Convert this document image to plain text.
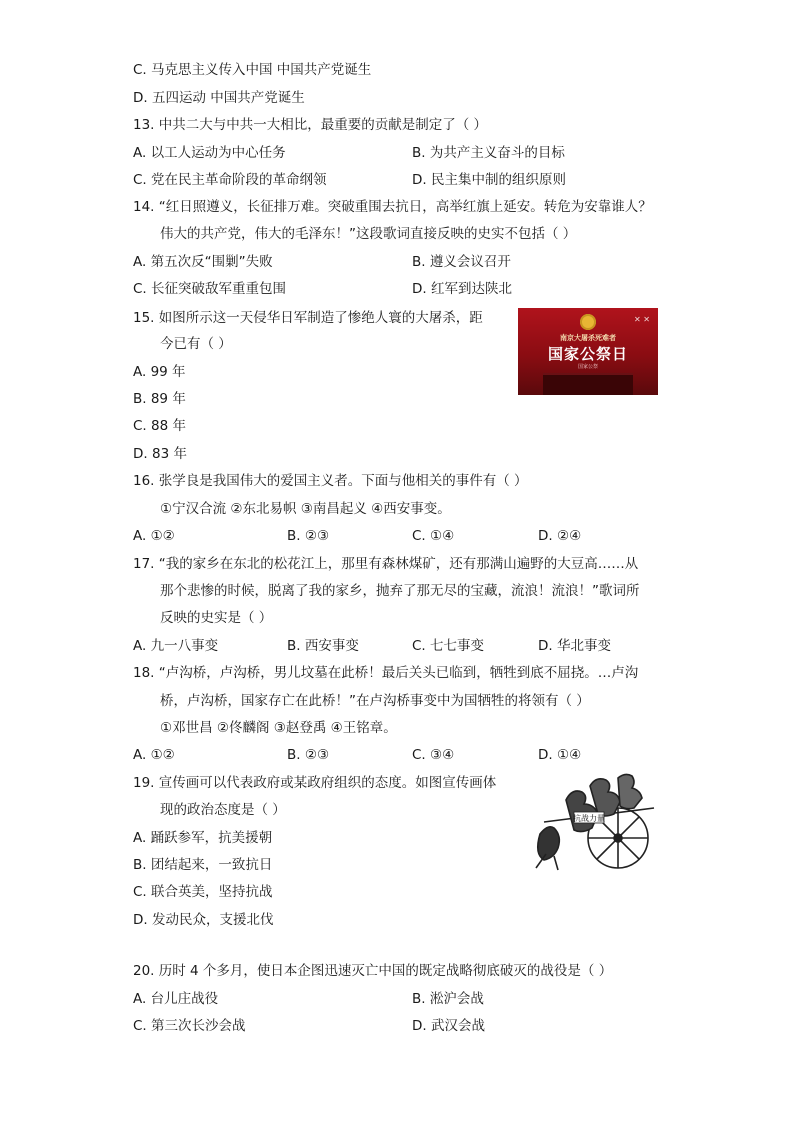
C. 马克思主义传入中国 中国共产党诞生
D. 五四运动 中国共产党诞生
13. 中共二大与中共一大相比，最重要的贡献是制定了（ ）
A. 以工人运动为中心任务	B. 为共产主义奋斗的目标
C. 党在民主革命阶段的革命纲领	D. 民主集中制的组织原则
14. “红日照遵义，长征排万难。突破重围去抗日，高举红旗上延安。转危为安靠谁人？
伟大的共产党，伟大的毛泽东！”这段歌词直接反映的史实不包括（ ）
A. 第五次反“围剿”失败	B. 遵义会议召开
C. 长征突破敌军重重包围	D. 红军到达陕北
15. 如图所示这一天侵华日军制造了惨绝人寰的大屠杀，距
今已有（ ）
A. 99 年
B. 89 年
C. 88 年
D. 83 年
✕ ✕
南京大屠杀死难者
国家公祭日
国家公祭
16. 张学良是我国伟大的爱国主义者。下面与他相关的事件有（ ）
①宁汉合流 ②东北易帜 ③南昌起义 ④西安事变。
A. ①②	B. ②③	C. ①④	D. ②④
17. “我的家乡在东北的松花江上，那里有森林煤矿，还有那满山遍野的大豆高……从
那个悲惨的时候，脱离了我的家乡，抛弃了那无尽的宝藏，流浪！流浪！”歌词所
反映的史实是（ ）
A. 九一八事变	B. 西安事变	C. 七七事变	D. 华北事变
18. “卢沟桥，卢沟桥，男儿坟墓在此桥！最后关头已临到，牺牲到底不屈挠。…卢沟
桥，卢沟桥，国家存亡在此桥！”在卢沟桥事变中为国牺牲的将领有（ ）
①邓世昌 ②佟麟阁 ③赵登禹 ④王铭章。
A. ①②	B. ②③	C. ③④	D. ①④
19. 宣传画可以代表政府或某政府组织的态度。如图宣传画体
现的政治态度是（ ）
A. 踊跃参军，抗美援朝
B. 团结起来，一致抗日
C. 联合英美，坚持抗战
D. 发动民众，支援北伐
抗战力量
20. 历时 4 个多月，使日本企图迅速灭亡中国的既定战略彻底破灭的战役是（ ）
A. 台儿庄战役	B. 淞沪会战
C. 第三次长沙会战	D. 武汉会战
